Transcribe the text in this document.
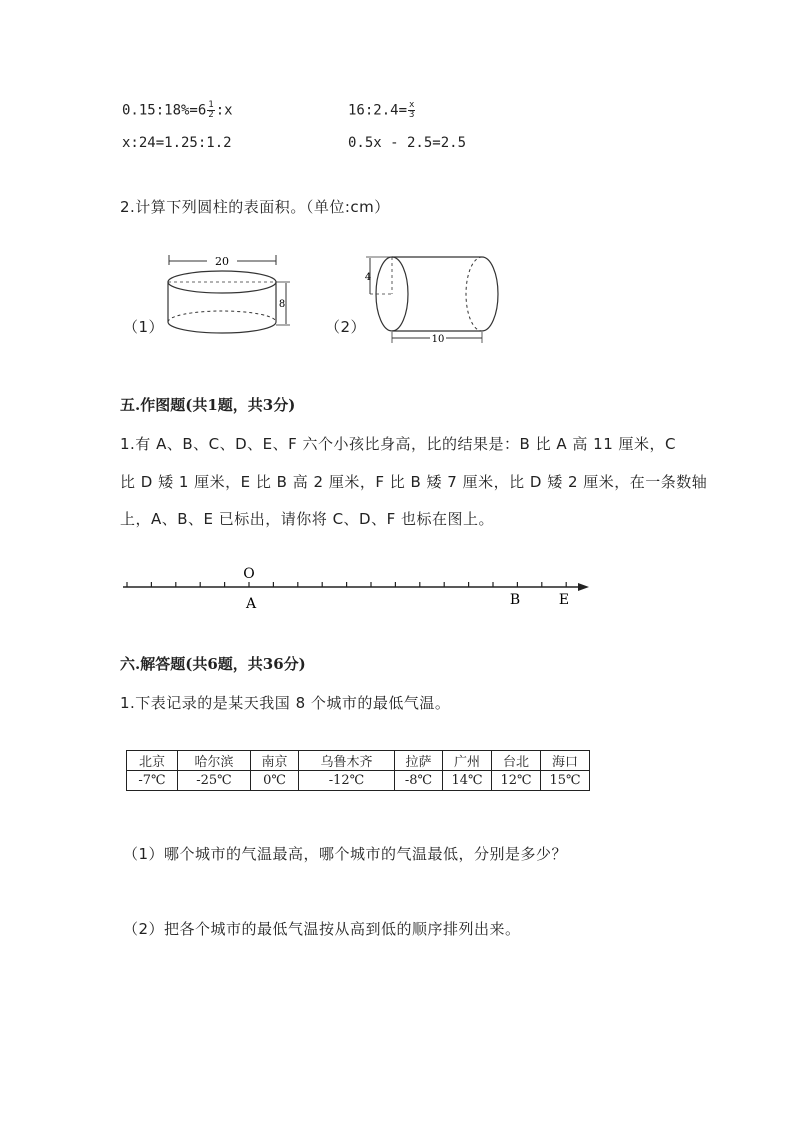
0.15:18%=6 $\frac{1}{2}$ :x	16:2.4= $\frac{x}{3}$
x:24=1.25:1.2	0.5x - 2.5=2.5
2.计算下列圆柱的表面积。（单位:cm）
（1）
20
8
（2）
4
10
五.作图题(共1题，共3分)
1.有 A、B、C、D、E、F 六个小孩比身高，比的结果是：B 比 A 高 11 厘米，C
比 D 矮 1 厘米，E 比 B 高 2 厘米，F 比 B 矮 7 厘米，比 D 矮 2 厘米，在一条数轴
上，A、B、E 已标出，请你将 C、D、F 也标在图上。
O
A	B	E
六.解答题(共6题，共36分)
1.下表记录的是某天我国 8 个城市的最低气温。
北京	哈尔滨	南京	乌鲁木齐	拉萨	广州	台北	海口
-7℃	-25℃	0℃	-12℃	-8℃	14℃	12℃	15℃
（1）哪个城市的气温最高，哪个城市的气温最低，分别是多少？
（2）把各个城市的最低气温按从高到低的顺序排列出来。
